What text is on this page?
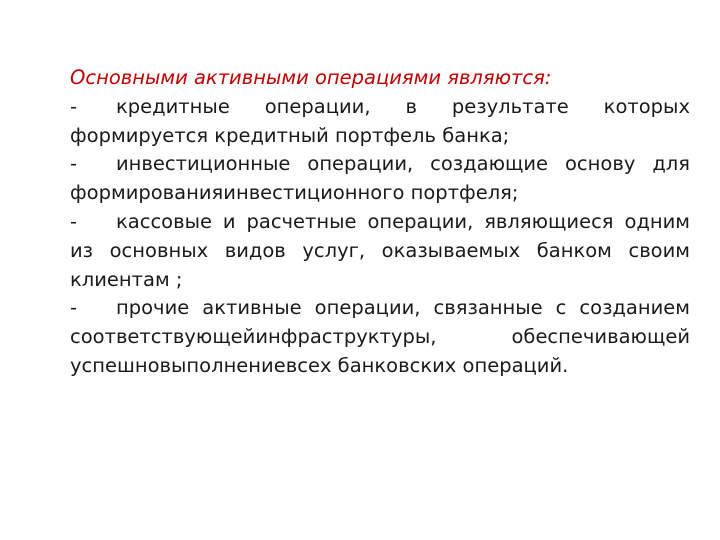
Основными активными операциями являются:

- кредитные операции, в результате которых формируется кредитный портфель банка;

- инвестиционные операции, создающие основу для формированияинвестиционного портфеля;

- кассовые и расчетные операции, являющиеся одним из основных видов услуг, оказываемых банком своим клиентам ;

- прочие активные операции, связанные с созданием соответствующейинфраструктуры, обеспечивающей успешновыполнениевсех банковских операций.
